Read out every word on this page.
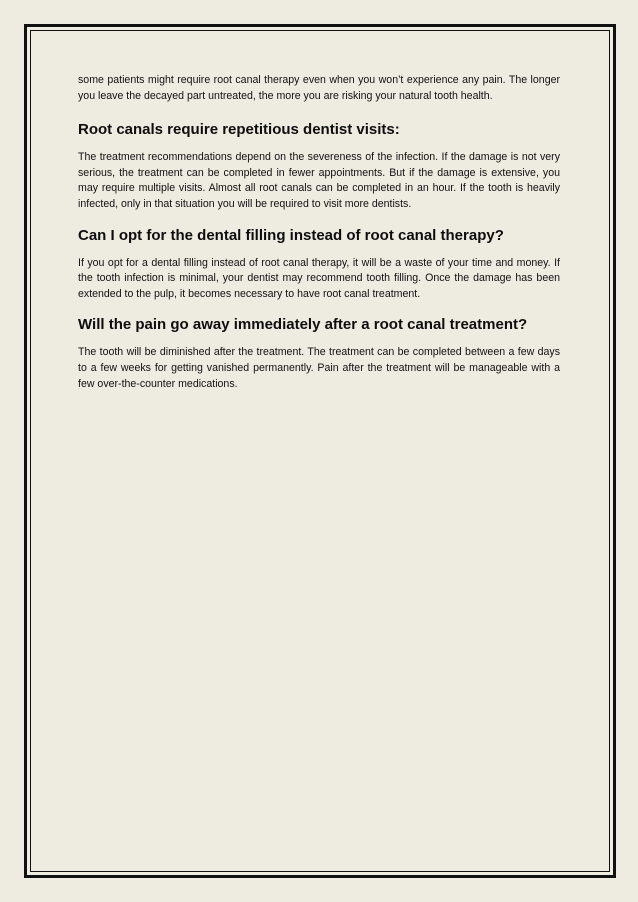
some patients might require root canal therapy even when you won’t experience any pain. The longer you leave the decayed part untreated, the more you are risking your natural tooth health.

Root canals require repetitious dentist visits:

The treatment recommendations depend on the severeness of the infection. If the damage is not very serious, the treatment can be completed in fewer appointments. But if the damage is extensive, you may require multiple visits. Almost all root canals can be completed in an hour. If the tooth is heavily infected, only in that situation you will be required to visit more dentists.

Can I opt for the dental filling instead of root canal therapy?

If you opt for a dental filling instead of root canal therapy, it will be a waste of your time and money. If the tooth infection is minimal, your dentist may recommend tooth filling. Once the damage has been extended to the pulp, it becomes necessary to have root canal treatment.

Will the pain go away immediately after a root canal treatment?

The tooth will be diminished after the treatment. The treatment can be completed between a few days to a few weeks for getting vanished permanently. Pain after the treatment will be manageable with a few over-the-counter medications.
